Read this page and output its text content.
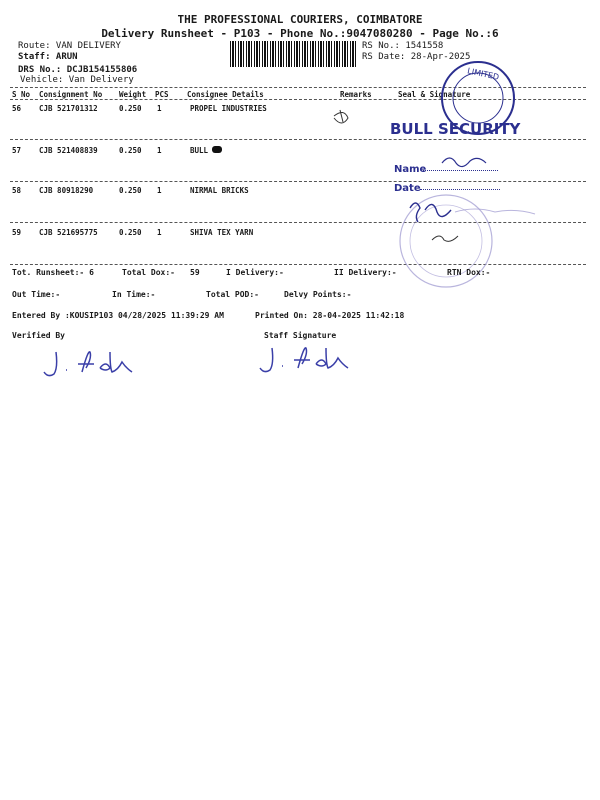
THE PROFESSIONAL COURIERS, COIMBATORE
Delivery Runsheet - P103 - Phone No.:9047080280 - Page No.:6
Route: VAN DELIVERY
Staff: ARUN
DRS No.: DCJB154155806
Vehicle: Van Delivery
RS No.: 1541558
RS Date: 28-Apr-2025
S No Consignment No Weight PCS Consignee Details	Remarks	Seal & Signature
56 CJB 521701312	0.250 1	PROPEL INDUSTRIES
57 CJB 521408839	0.250 1	BULL
58 CJB 80918290	0.250 1	NIRMAL BRICKS
59 CJB 521695775	0.250 1	SHIVA TEX YARN
LIMITED
BULL SECURITY
Name
Date
Tot. Runsheet:- 6	Total Dox:- 59	I Delivery:-	II Delivery:-	RTN Dox:-
Out Time:-	In Time:-	Total POD:-	Delvy Points:-
Entered By :KOUSIP103 04/28/2025 11:39:29 AM	Printed On: 28-04-2025 11:42:18
Verified By	Staff Signature
